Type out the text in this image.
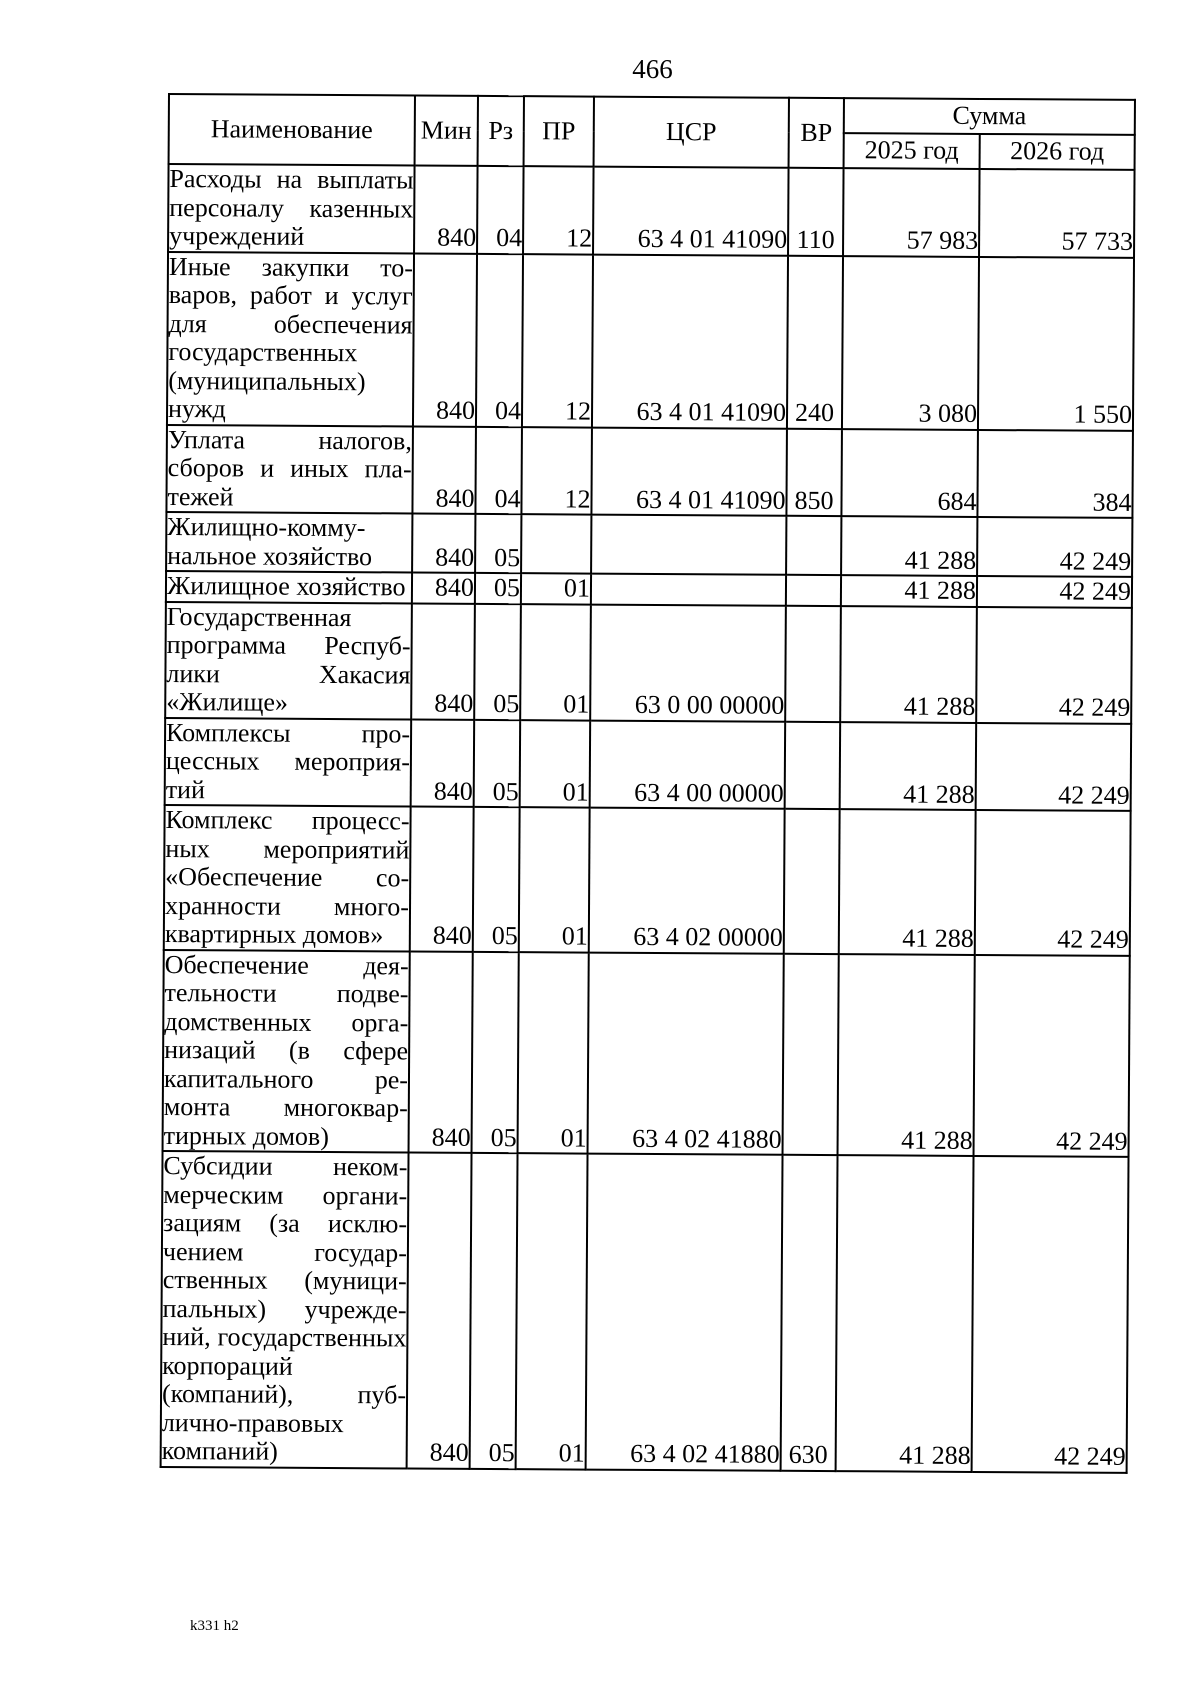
466
Наименование	Мин	Рз	ПР	ЦСР	ВР	Сумма	
						2025 год	2026 год
Расходы на выплаты персоналу казенных учреждений	840	04	12	63 4 01 41090	110	57 983	57 733
Иные закупки товаров, работ и услуг для обеспечения государственных (муниципальных) нужд	840	04	12	63 4 01 41090	240	3 080	1 550
Уплата налогов, сборов и иных платежей	840	04	12	63 4 01 41090	850	684	384
Жилищно-коммунальное хозяйство	840	05				41 288	42 249
Жилищное хозяйство	840	05	01			41 288	42 249
Государственная программа Республики Хакасия «Жилище»	840	05	01	63 0 00 00000		41 288	42 249
Комплексы процессных мероприятий	840	05	01	63 4 00 00000		41 288	42 249
Комплекс процессных мероприятий «Обеспечение сохранности многоквартирных домов»	840	05	01	63 4 02 00000		41 288	42 249
Обеспечение деятельности подведомственных организаций (в сфере капитального ремонта многоквартирных домов)	840	05	01	63 4 02 41880		41 288	42 249
Субсидии некоммерческим организациям (за исключением государственных (муниципальных) учреждений, государственных корпораций (компаний), публично-правовых компаний)	840	05	01	63 4 02 41880	630	41 288	42 249
k331 h2
